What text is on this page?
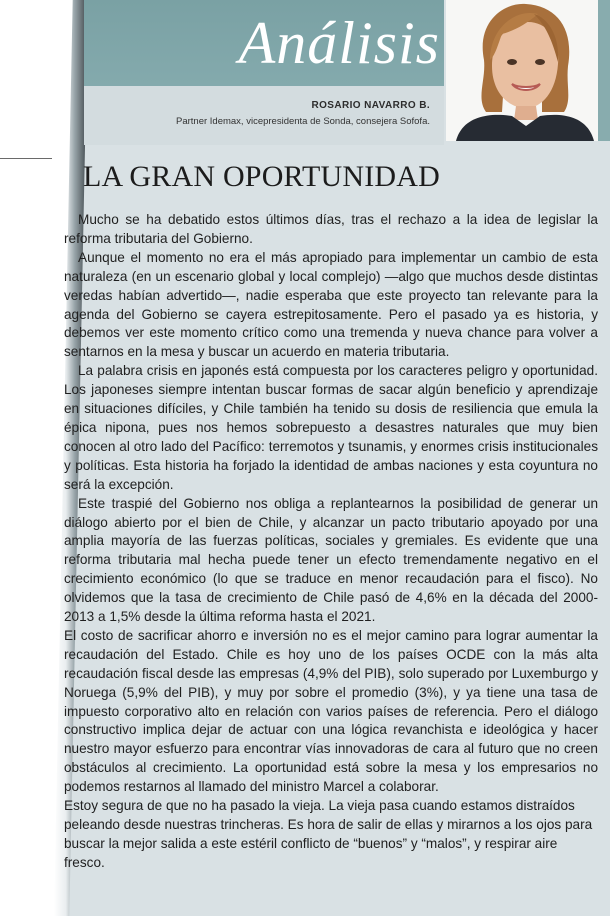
Análisis
ROSARIO NAVARRO B.
Partner Idemax, vicepresidenta de Sonda, consejera Sofofa.
LA GRAN OPORTUNIDAD

Mucho se ha debatido estos últimos días, tras el rechazo a la idea de legislar la reforma tributaria del Gobierno.

Aunque el momento no era el más apropiado para implementar un cambio de esta naturaleza (en un escenario global y local complejo) —algo que muchos desde distintas veredas habían advertido—, nadie esperaba que este proyecto tan relevante para la agenda del Gobierno se cayera estrepitosamente. Pero el pasado ya es historia, y debemos ver este momento crítico como una tremenda y nueva chance para volver a sentarnos en la mesa y buscar un acuerdo en materia tributaria.

La palabra crisis en japonés está compuesta por los caracteres peligro y oportunidad. Los japoneses siempre intentan buscar formas de sacar algún beneficio y aprendizaje en situaciones difíciles, y Chile también ha tenido su dosis de resiliencia que emula la épica nipona, pues nos hemos sobrepuesto a desastres naturales que muy bien conocen al otro lado del Pacífico: terremotos y tsunamis, y enormes crisis institucionales y políticas. Esta historia ha forjado la identidad de ambas naciones y esta coyuntura no será la excepción.

Este traspié del Gobierno nos obliga a replantearnos la posibilidad de generar un diálogo abierto por el bien de Chile, y alcanzar un pacto tributario apoyado por una amplia mayoría de las fuerzas políticas, sociales y gremiales. Es evidente que una reforma tributaria mal hecha puede tener un efecto tremendamente negativo en el crecimiento económico (lo que se traduce en menor recaudación para el fisco). No olvidemos que la tasa de crecimiento de Chile pasó de 4,6% en la década del 2000-2013 a 1,5% desde la última reforma hasta el 2021.

El costo de sacrificar ahorro e inversión no es el mejor camino para lograr aumentar la recaudación del Estado. Chile es hoy uno de los países OCDE con la más alta recaudación fiscal desde las empresas (4,9% del PIB), solo superado por Luxemburgo y Noruega (5,9% del PIB), y muy por sobre el promedio (3%), y ya tiene una tasa de impuesto corporativo alto en relación con varios países de referencia. Pero el diálogo constructivo implica dejar de actuar con una lógica revanchista e ideológica y hacer nuestro mayor esfuerzo para encontrar vías innovadoras de cara al futuro que no creen obstáculos al crecimiento. La oportunidad está sobre la mesa y los empresarios no podemos restarnos al llamado del ministro Marcel a colaborar.

Estoy segura de que no ha pasado la vieja. La vieja pasa cuando estamos distraídos peleando desde nuestras trincheras. Es hora de salir de ellas y mirarnos a los ojos para buscar la mejor salida a este estéril conflicto de “buenos” y “malos”, y respirar aire fresco.
